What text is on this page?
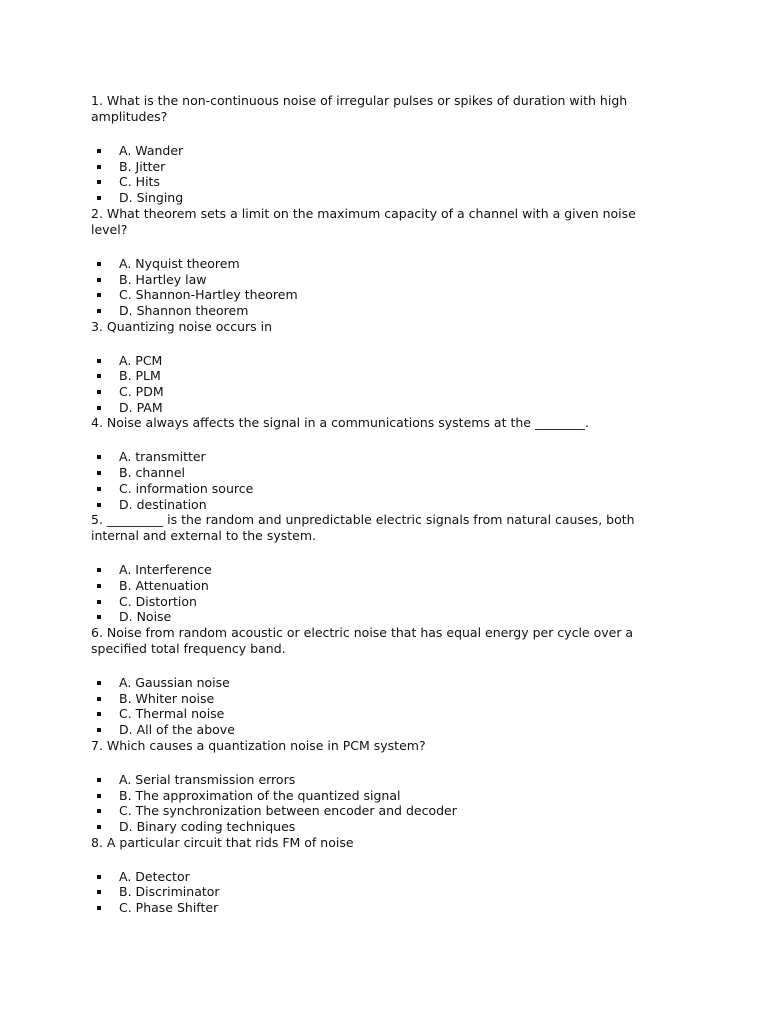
1. What is the non-continuous noise of irregular pulses or spikes of duration with high amplitudes?

A. Wander
B. Jitter
C. Hits
D. Singing

2. What theorem sets a limit on the maximum capacity of a channel with a given noise level?

A. Nyquist theorem
B. Hartley law
C. Shannon-Hartley theorem
D. Shannon theorem

3. Quantizing noise occurs in

A. PCM
B. PLM
C. PDM
D. PAM

4. Noise always affects the signal in a communications systems at the ________.

A. transmitter
B. channel
C. information source
D. destination

5. _________ is the random and unpredictable electric signals from natural causes, both internal and external to the system.

A. Interference
B. Attenuation
C. Distortion
D. Noise

6. Noise from random acoustic or electric noise that has equal energy per cycle over a specified total frequency band.

A. Gaussian noise
B. Whiter noise
C. Thermal noise
D. All of the above

7. Which causes a quantization noise in PCM system?

A. Serial transmission errors
B. The approximation of the quantized signal
C. The synchronization between encoder and decoder
D. Binary coding techniques

8. A particular circuit that rids FM of noise

A. Detector
B. Discriminator
C. Phase Shifter
